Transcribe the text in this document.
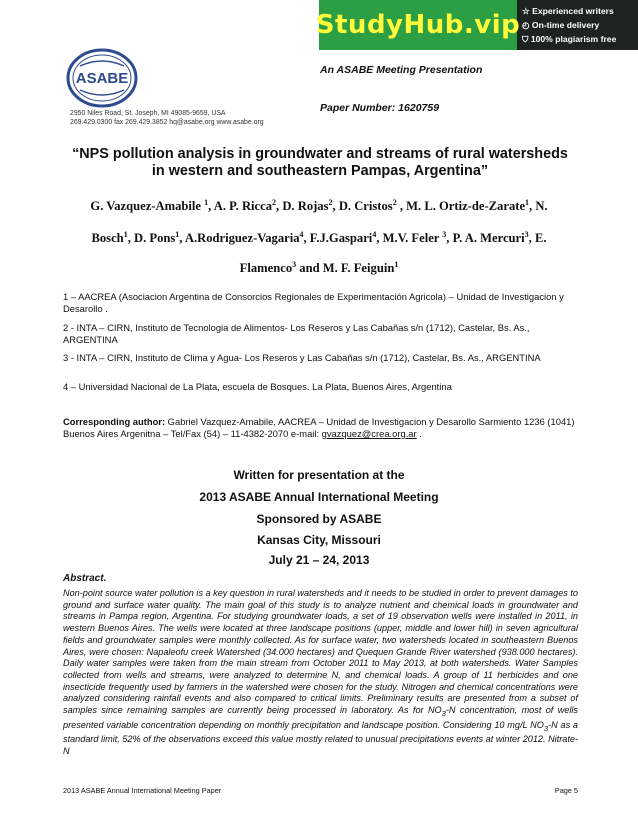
StudyHub.vip ☆ Experienced writers
◴ On-time delivery
⛉ 100% plagiarism free
ASABE
2950 Niles Road, St. Joseph, MI 49085-9659, USA
269.429.0300 fax 269.429.3852 hq@asabe.org www.asabe.org
An ASABE Meeting Presentation
Paper Number: 1620759
“NPS pollution analysis in groundwater and streams of rural watersheds in western and southeastern Pampas, Argentina”
G. Vazquez-Amabile $^1$, A. P. Ricca$^2$, D. Rojas$^2$, D. Cristos$^2$ , M. L. Ortiz-de-Zarate$^1$, N.
Bosch$^1$, D. Pons$^1$, A.Rodriguez-Vagaria$^4$, F.J.Gaspari$^4$, M.V. Feler $^3$, P. A. Mercuri$^3$, E.
Flamenco$^3$ and M. F. Feiguin$^1$
1 – AACREA (Asociacion Argentina de Consorcios Regionales de Experimentación Agricola) – Unidad de Investigacion y Desarollo .
2 - INTA – CIRN, Instituto de Tecnologia de Alimentos- Los Reseros y Las Cabañas s/n (1712), Castelar, Bs. As., ARGENTINA
3 - INTA – CIRN, Instituto de Clima y Agua- Los Reseros y Las Cabañas s/n (1712), Castelar, Bs. As., ARGENTINA
4 – Universidad Nacional de La Plata, escuela de Bosques. La Plata, Buenos Aires, Argentina
Corresponding author: Gabriel Vazquez-Amabile, AACREA – Unidad de Investigacion y Desarollo Sarmiento 1236 (1041) Buenos Aires Argenitna – Tel/Fax (54) – 11-4382-2070 e-mail: gvazquez@crea.org.ar .
Written for presentation at the
2013 ASABE Annual International Meeting
Sponsored by ASABE
Kansas City, Missouri
July 21 – 24, 2013
Abstract.
Non-point source water pollution is a key question in rural watersheds and it needs to be studied in order to prevent damages to ground and surface water quality. The main goal of this study is to analyze nutrient and chemical loads in groundwater and streams in Pampa region, Argentina. For studying groundwater loads, a set of 19 observation wells were installed in 2011, in western Buenos Aires. The wells were located at three landscape positions (upper, middle and lower hill) in seven agricultural fields and groundwater samples were monthly collected. As for surface water, two watersheds located in southeastern Buenos Aires, were chosen: Napaleofu creek Watershed (34.000 hectares) and Quequen Grande River watershed (938.000 hectares). Daily water samples were taken from the main stream from October 2011 to May 2013, at both watersheds. Water Samples collected from wells and streams, were analyzed to determine N, and chemical loads. A group of 11 herbicides and one insecticide frequently used by farmers in the watershed were chosen for the study. Nitrogen and chemical concentrations were analyzed considering rainfall events and also compared to critical limits. Preliminary results are presented from a subset of samples since remaining samples are currently being processed in laboratory. As for $NO_3-N$ concentration, most of wells presented variable concentration depending on monthly precipitation and landscape position. Considering 10 mg/L $NO_3-N$ as a standard limit, 52% of the observations exceed this value mostly related to unusual precipitations events at winter 2012. Nitrate-N
2013 ASABE Annual International Meeting Paper	Page 5
